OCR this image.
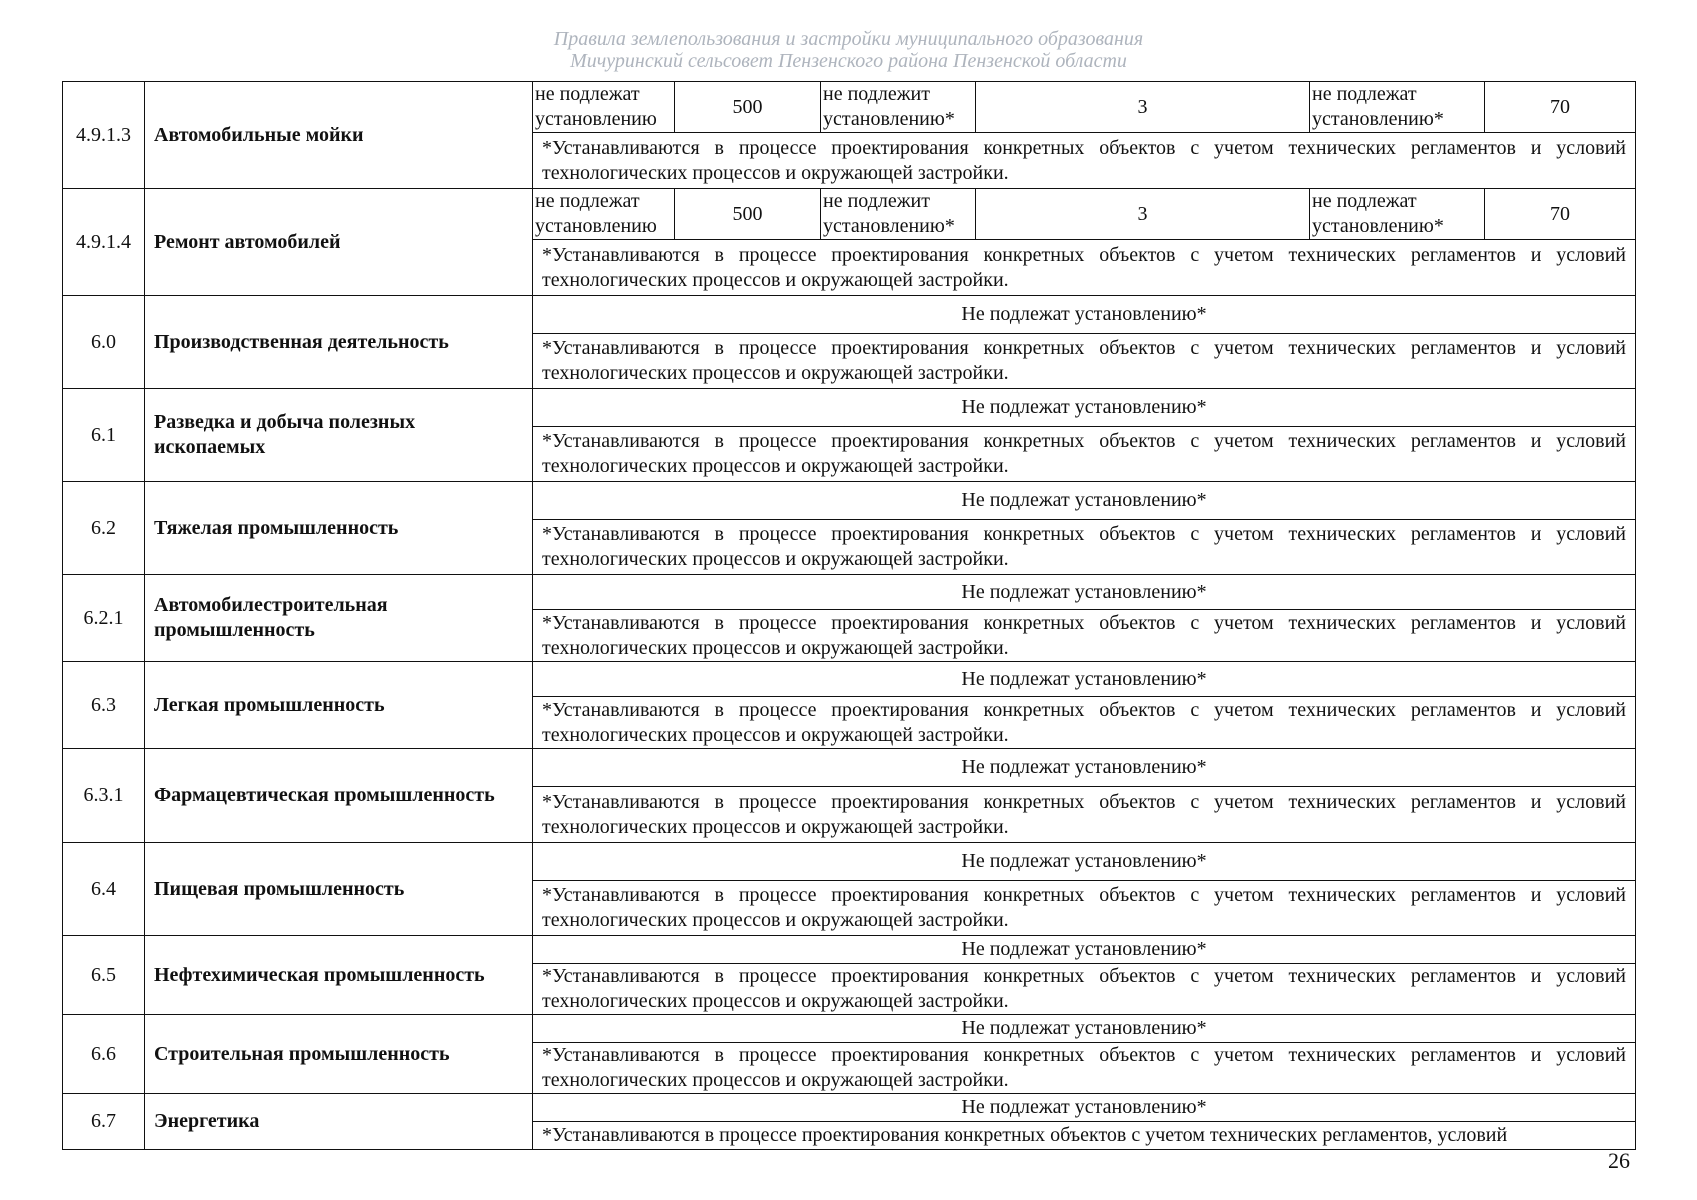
Правила землепользования и застройки муниципального образования
Мичуринский сельсовет Пензенского района Пензенской области
4.9.1.3	Автомобильные мойки	не подлежат установлению	500	не подлежит установлению*	3	не подлежат установлению*	70
		*Устанавливаются в процессе проектирования конкретных объектов с учетом технических регламентов и условий технологических процессов и окружающей застройки.					
4.9.1.4	Ремонт автомобилей	не подлежат установлению	500	не подлежит установлению*	3	не подлежат установлению*	70
		*Устанавливаются в процессе проектирования конкретных объектов с учетом технических регламентов и условий технологических процессов и окружающей застройки.					
6.0	Производственная деятельность	Не подлежат установлению*					
		*Устанавливаются в процессе проектирования конкретных объектов с учетом технических регламентов и условий технологических процессов и окружающей застройки.					
6.1	Разведка и добыча полезных ископаемых	Не подлежат установлению*					
		*Устанавливаются в процессе проектирования конкретных объектов с учетом технических регламентов и условий технологических процессов и окружающей застройки.					
6.2	Тяжелая промышленность	Не подлежат установлению*					
		*Устанавливаются в процессе проектирования конкретных объектов с учетом технических регламентов и условий технологических процессов и окружающей застройки.					
6.2.1	Автомобилестроительная промышленность	Не подлежат установлению*					
		*Устанавливаются в процессе проектирования конкретных объектов с учетом технических регламентов и условий технологических процессов и окружающей застройки.					
6.3	Легкая промышленность	Не подлежат установлению*					
		*Устанавливаются в процессе проектирования конкретных объектов с учетом технических регламентов и условий технологических процессов и окружающей застройки.					
6.3.1	Фармацевтическая промышленность	Не подлежат установлению*					
		*Устанавливаются в процессе проектирования конкретных объектов с учетом технических регламентов и условий технологических процессов и окружающей застройки.					
6.4	Пищевая промышленность	Не подлежат установлению*					
		*Устанавливаются в процессе проектирования конкретных объектов с учетом технических регламентов и условий технологических процессов и окружающей застройки.					
6.5	Нефтехимическая промышленность	Не подлежат установлению*					
		*Устанавливаются в процессе проектирования конкретных объектов с учетом технических регламентов и условий технологических процессов и окружающей застройки.					
6.6	Строительная промышленность	Не подлежат установлению*					
		*Устанавливаются в процессе проектирования конкретных объектов с учетом технических регламентов и условий технологических процессов и окружающей застройки.					
6.7	Энергетика	Не подлежат установлению*					
		*Устанавливаются в процессе проектирования конкретных объектов с учетом технических регламентов, условий					
26
